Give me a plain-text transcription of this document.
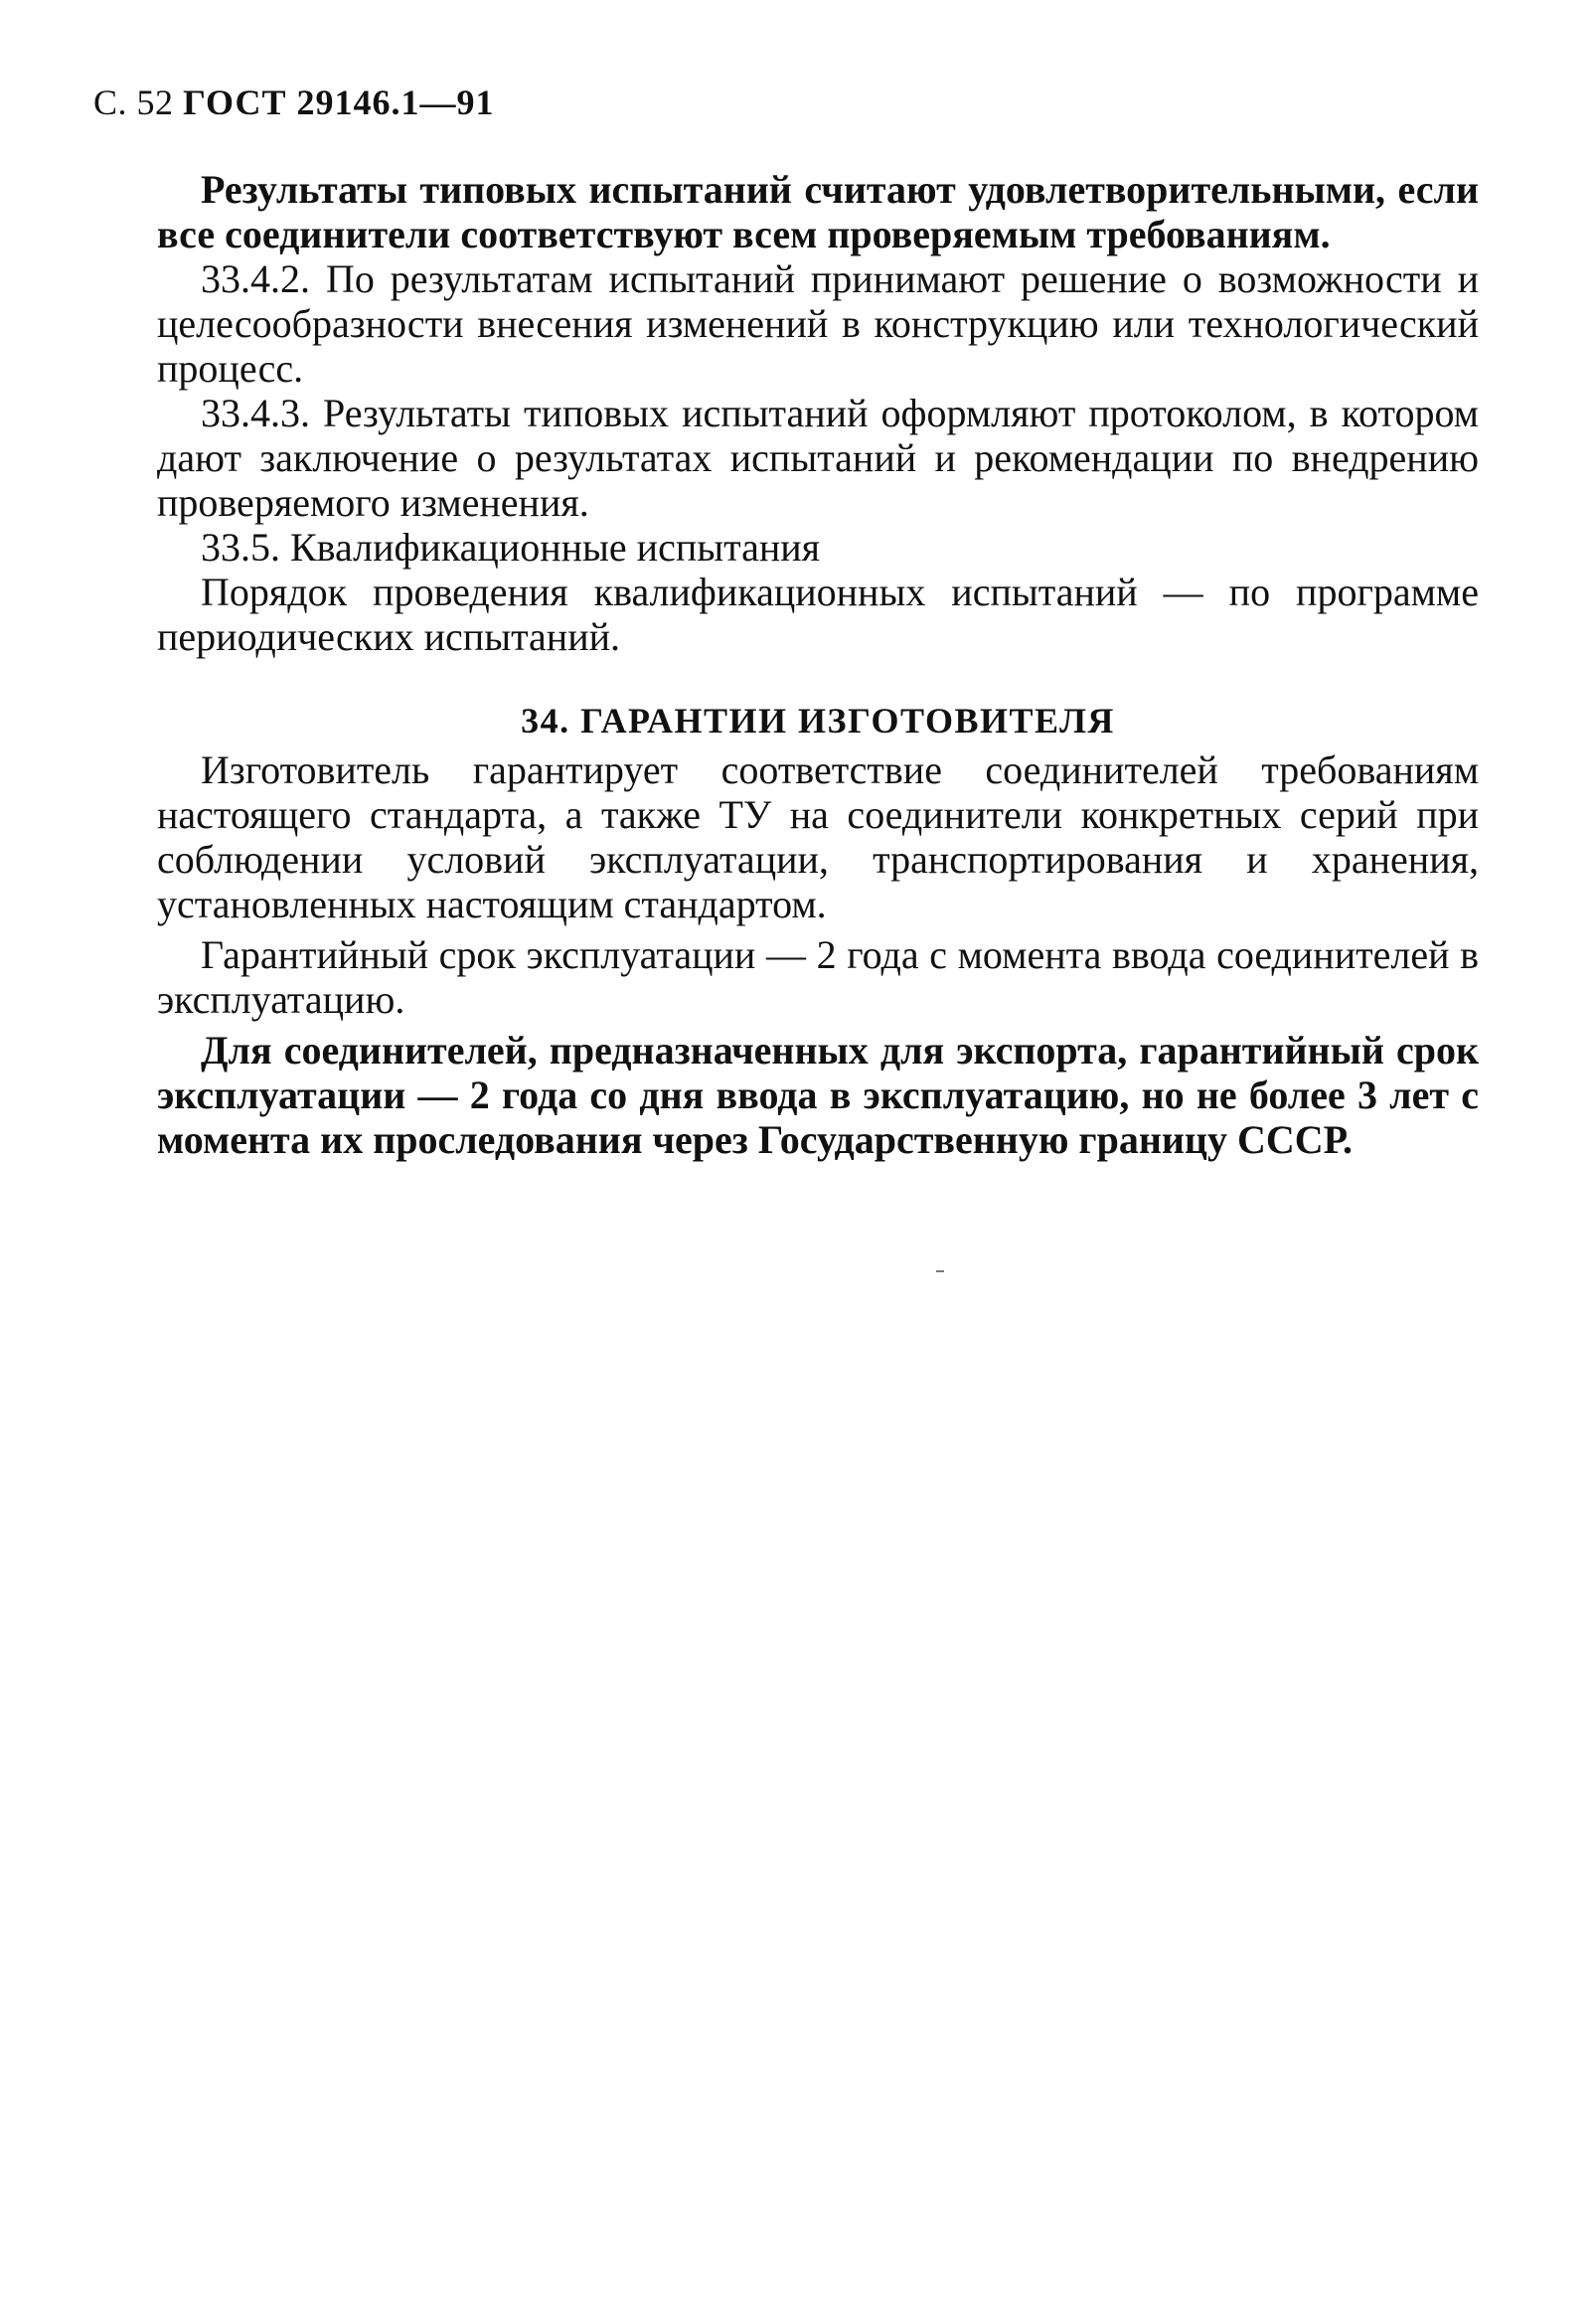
С. 52 ГОСТ 29146.1—91

Результаты типовых испытаний считают удовлетворительными, если все соединители соответствуют всем проверяемым требованиям.

33.4.2. По результатам испытаний принимают решение о возможности и целесообразности внесения изменений в конструкцию или технологический процесс.

33.4.3. Результаты типовых испытаний оформляют протоколом, в котором дают заключение о результатах испытаний и рекомендации по внедрению проверяемого изменения.

33.5. Квалификационные испытания

Порядок проведения квалификационных испытаний — по программе периодических испытаний.

34. ГАРАНТИИ ИЗГОТОВИТЕЛЯ

Изготовитель гарантирует соответствие соединителей требованиям настоящего стандарта, а также ТУ на соединители конкретных серий при соблюдении условий эксплуатации, транспортирования и хранения, установленных настоящим стандартом.

Гарантийный срок эксплуатации — 2 года с момента ввода соединителей в эксплуатацию.

Для соединителей, предназначенных для экспорта, гарантийный срок эксплуатации — 2 года со дня ввода в эксплуатацию, но не более 3 лет с момента их проследования через Государственную границу СССР.
